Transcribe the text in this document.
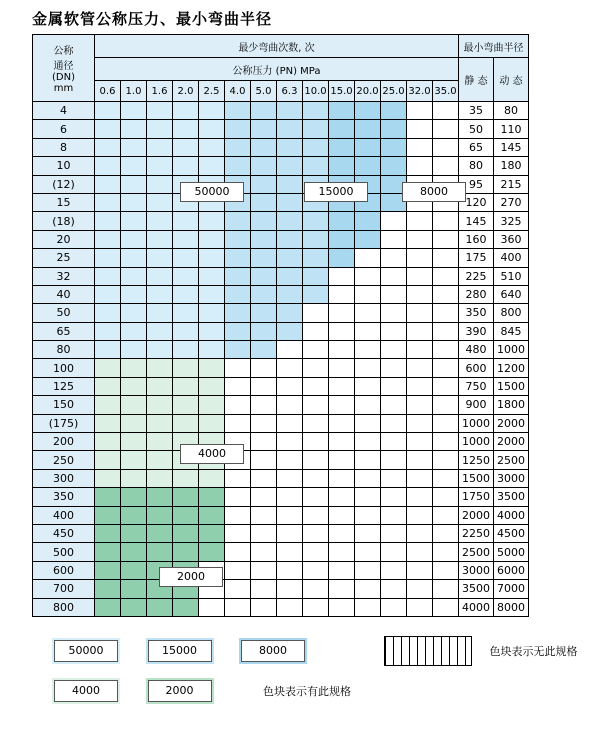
金属软管公称压力、最小弯曲半径
公称
通径
(DN)
mm	最少弯曲次数, 次														最小弯曲半径	
	公称压力 (PN) MPa														静 态	动 态
	0.6	1.0	1.6	2.0	2.5	4.0	5.0	6.3	10.0	15.0	20.0	25.0	32.0	35.0		
4															35	80
6															50	110
8															65	145
10															80	180
(12)															95	215
15															120	270
(18)															145	325
20															160	360
25															175	400
32															225	510
40															280	640
50															350	800
65															390	845
80															480	1000
100															600	1200
125															750	1500
150															900	1800
(175)															1000	2000
200															1000	2000
250															1250	2500
300															1500	3000
350															1750	3500
400															2000	4000
450															2250	4500
500															2500	5000
600															3000	6000
700															3500	7000
800															4000	8000
50000	15000	8000
4000
2000
50000	15000	8000	色块表示无此规格
4000	2000	色块表示有此规格
